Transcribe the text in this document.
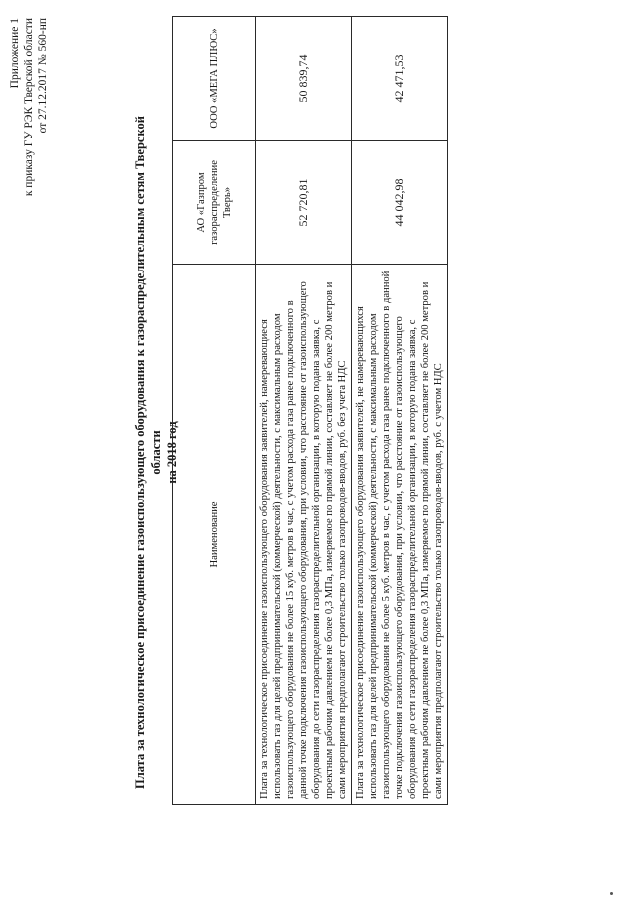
Приложение 1 к приказу ГУ РЭК Тверской области от 27.12.2017 № 560-нп
Плата за технологическое присоединение газоиспользующего оборудования к газораспределительным сетям Тверской области на 2018 год
Наименование	АО «Газпром газораспределение Тверь»	ООО «МЕГА ПЛЮС»
Плата за технологическое присоединение газоиспользующего оборудования заявителей, намеревающиеся использовать газ для целей предпринимательской (коммерческой) деятельности, с максимальным расходом газоиспользующего оборудования не более 15 куб. метров в час, с учетом расхода газа ранее подключенного в данной точке подключения газоиспользующего оборудования, при условии, что расстояние от газоиспользующего оборудования до сети газораспределения газораспределительной организации, в которую подана заявка, с проектным рабочим давлением не более 0,3 МПа, измеряемое по прямой линии, составляет не более 200 метров и сами мероприятия предполагают строительство только газопроводов-вводов, руб. без учета НДС	52 720,81	50 839,74
Плата за технологическое присоединение газоиспользующего оборудования заявителей, не намеревающихся использовать газ для целей предпринимательской (коммерческой) деятельности, с максимальным расходом газоиспользующего оборудования не более 5 куб. метров в час, с учетом расхода газа ранее подключенного в данной точке подключения газоиспользующего оборудования, при условии, что расстояние от газоиспользующего оборудования до сети газораспределения газораспределительной организации, в которую подана заявка, с проектным рабочим давлением не более 0,3 МПа, измеряемое по прямой линии, составляет не более 200 метров и сами мероприятия предполагают строительство только газопроводов-вводов, руб. с учетом НДС	44 042,98	42 471,53
